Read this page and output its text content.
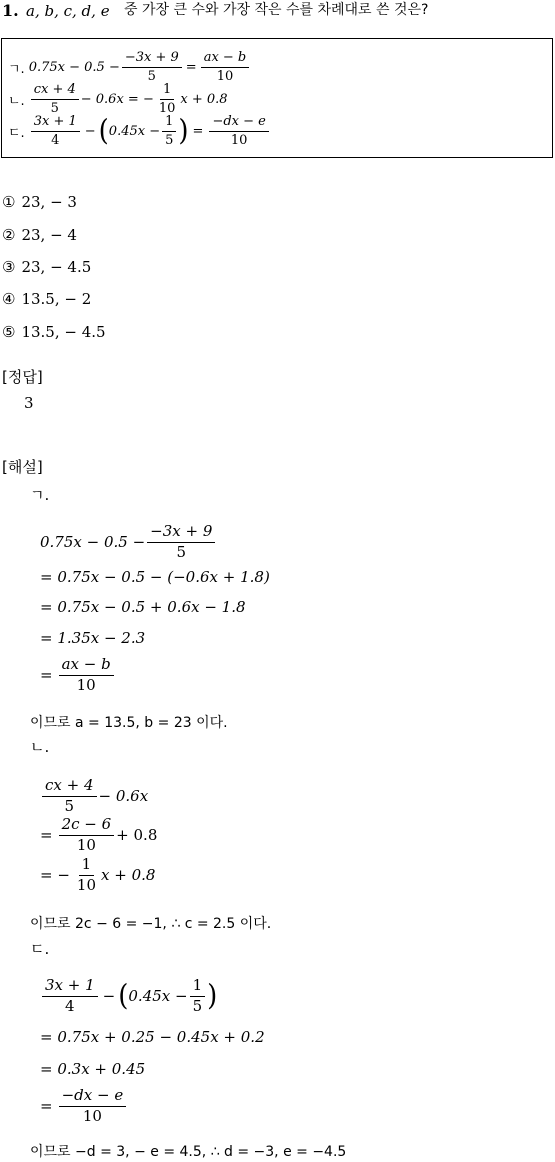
1. a, b, c, d, e 중 가장 큰 수와 가장 작은 수를 차례대로 쓴 것은?
ㄱ. $0.75x - 0.5 - \frac{-3x + 9}{5} = \frac{ax - b}{10}$
ㄴ. $\frac{cx + 4}{5} - 0.6x$ = − $\frac{1}{10}$ x + 0.8
ㄷ. $\frac{3x + 1}{4}$ − ( $0.45x - \frac{1}{5}$ ) = $\frac{-dx - e}{10}$
① 23, − 3
② 23, − 4
③ 23, − 4.5
④ 13.5, − 2
⑤ 13.5, − 4.5
[정답]
3
[해설]
ㄱ.
$0.75x - 0.5 - \frac{-3x + 9}{5}$
= 0.75x − 0.5 − (−0.6x + 1.8)
= 0.75x − 0.5 + 0.6x − 1.8
= 1.35x − 2.3
= $\frac{ax - b}{10}$
이므로 a = 13.5, b = 23 이다.
ㄴ.
$\frac{cx + 4}{5} - 0.6x$
= $\frac{2c - 6}{10} + 0.8$
= − $\frac{1}{10}$ x + 0.8
이므로 2c − 6 = −1, ∴ c = 2.5 이다.
ㄷ.
$\frac{3x + 1}{4}$ − ( $0.45x - \frac{1}{5}$ )
= 0.75x + 0.25 − 0.45x + 0.2
= 0.3x + 0.45
= $\frac{-dx - e}{10}$
이므로 −d = 3, − e = 4.5, ∴ d = −3, e = −4.5
